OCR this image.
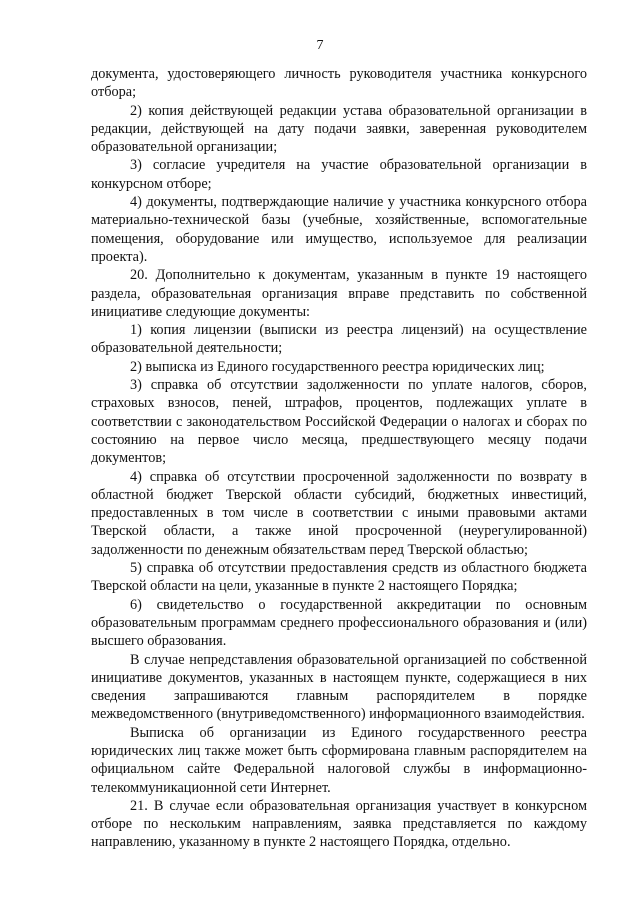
7

документа, удостоверяющего личность руководителя участника конкурсного отбора;

2) копия действующей редакции устава образовательной организации в редакции, действующей на дату подачи заявки, заверенная руководителем образовательной организации;

3) согласие учредителя на участие образовательной организации в конкурсном отборе;

4) документы, подтверждающие наличие у участника конкурсного отбора материально-технической базы (учебные, хозяйственные, вспомогательные помещения, оборудование или имущество, используемое для реализации проекта).

20. Дополнительно к документам, указанным в пункте 19 настоящего раздела, образовательная организация вправе представить по собственной инициативе следующие документы:

1) копия лицензии (выписки из реестра лицензий) на осуществление образовательной деятельности;

2) выписка из Единого государственного реестра юридических лиц;

3) справка об отсутствии задолженности по уплате налогов, сборов, страховых взносов, пеней, штрафов, процентов, подлежащих уплате в соответствии с законодательством Российской Федерации о налогах и сборах по состоянию на первое число месяца, предшествующего месяцу подачи документов;

4) справка об отсутствии просроченной задолженности по возврату в областной бюджет Тверской области субсидий, бюджетных инвестиций, предоставленных в том числе в соответствии с иными правовыми актами Тверской области, а также иной просроченной (неурегулированной) задолженности по денежным обязательствам перед Тверской областью;

5) справка об отсутствии предоставления средств из областного бюджета Тверской области на цели, указанные в пункте 2 настоящего Порядка;

6) свидетельство о государственной аккредитации по основным образовательным программам среднего профессионального образования и (или) высшего образования.

В случае непредставления образовательной организацией по собственной инициативе документов, указанных в настоящем пункте, содержащиеся в них сведения запрашиваются главным распорядителем в порядке межведомственного (внутриведомственного) информационного взаимодействия.

Выписка об организации из Единого государственного реестра юридических лиц также может быть сформирована главным распорядителем на официальном сайте Федеральной налоговой службы в информационно-телекоммуникационной сети Интернет.

21. В случае если образовательная организация участвует в конкурсном отборе по нескольким направлениям, заявка представляется по каждому направлению, указанному в пункте 2 настоящего Порядка, отдельно.
